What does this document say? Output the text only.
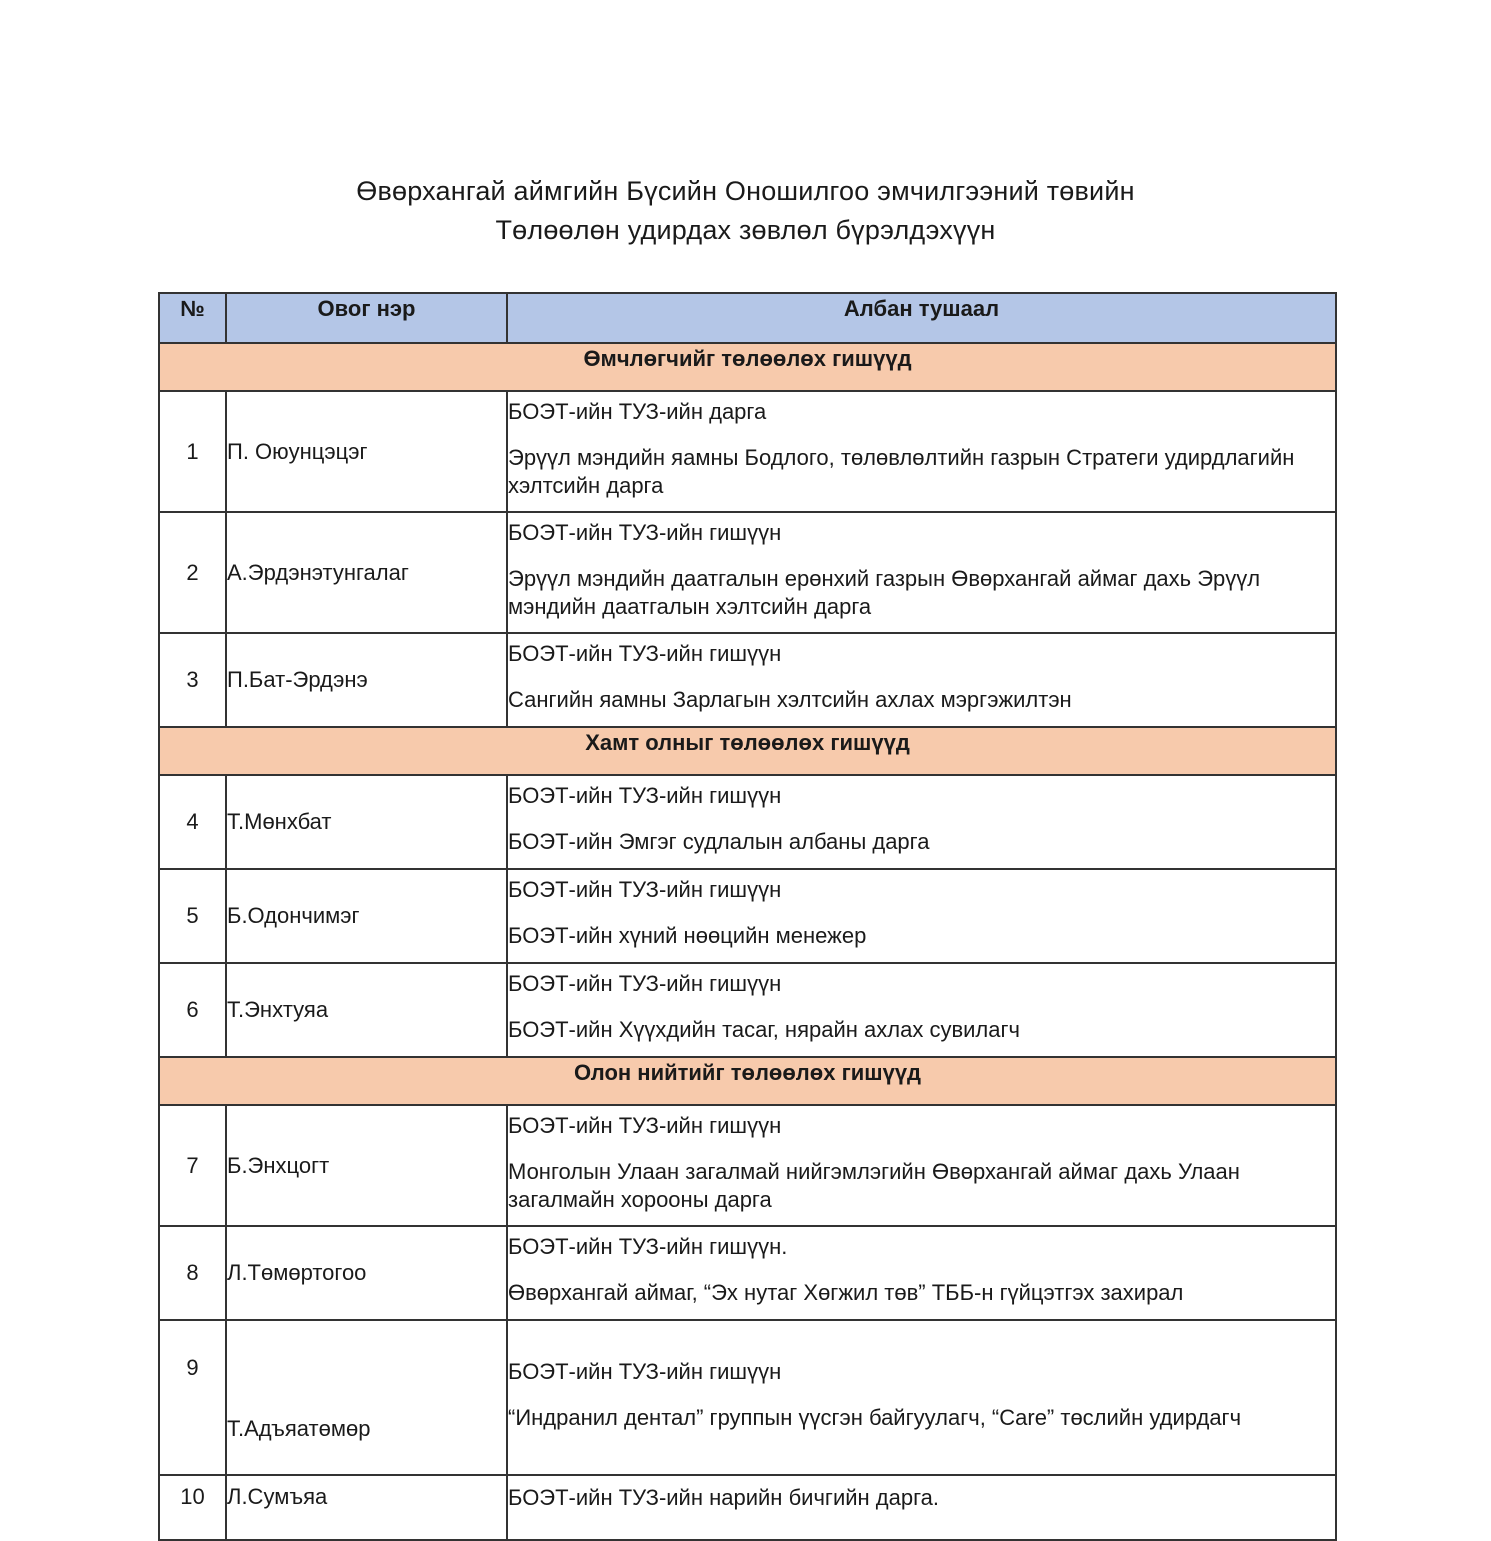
Өвөрхангай аймгийн Бүсийн Оношилгоо эмчилгээний төвийн
Төлөөлөн удирдах зөвлөл бүрэлдэхүүн
№	Овог нэр	Албан тушаал
Өмчлөгчийг төлөөлөх гишүүд		
1	П. Оюунцэцэг	БОЭТ-ийн ТУЗ-ийн дарга
Эрүүл мэндийн яамны Бодлого, төлөвлөлтийн газрын Стратеги удирдлагийн хэлтсийн дарга

2	А.Эрдэнэтунгалаг	БОЭТ-ийн ТУЗ-ийн гишүүн
Эрүүл мэндийн даатгалын ерөнхий газрын Өвөрхангай аймаг дахь Эрүүл мэндийн даатгалын хэлтсийн дарга

3	П.Бат-Эрдэнэ	БОЭТ-ийн ТУЗ-ийн гишүүн
Сангийн яамны Зарлагын хэлтсийн ахлах мэргэжилтэн

Хамт олныг төлөөлөх гишүүд		
4	Т.Мөнхбат	БОЭТ-ийн ТУЗ-ийн гишүүн
БОЭТ-ийн Эмгэг судлалын албаны дарга

5	Б.Одончимэг	БОЭТ-ийн ТУЗ-ийн гишүүн
БОЭТ-ийн хүний нөөцийн менежер

6	Т.Энхтуяа	БОЭТ-ийн ТУЗ-ийн гишүүн
БОЭТ-ийн Хүүхдийн тасаг, нярайн ахлах сувилагч

Олон нийтийг төлөөлөх гишүүд		
7	Б.Энхцогт	БОЭТ-ийн ТУЗ-ийн гишүүн
Монголын Улаан загалмай нийгэмлэгийн Өвөрхангай аймаг дахь Улаан загалмайн хорооны дарга

8	Л.Төмөртогоо	БОЭТ-ийн ТУЗ-ийн гишүүн.
Өвөрхангай аймаг, “Эх нутаг Хөгжил төв” ТББ-н гүйцэтгэх захирал

9	Т.Адъяатөмөр	БОЭТ-ийн ТУЗ-ийн гишүүн
“Индранил дентал” группын үүсгэн байгуулагч, “Care” төслийн удирдагч

10	Л.Сумъяа	БОЭТ-ийн ТУЗ-ийн нарийн бичгийн дарга.
